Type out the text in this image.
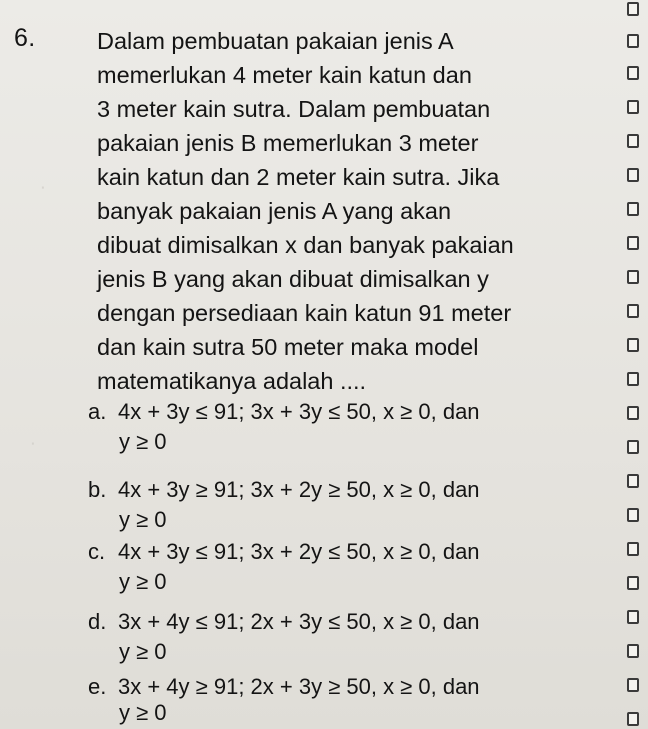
∙
∙
6.	Dalam pembuatan pakaian jenis A
memerlukan 4 meter kain katun dan
3 meter kain sutra. Dalam pembuatan
pakaian jenis B memerlukan 3 meter
kain katun dan 2 meter kain sutra. Jika
banyak pakaian jenis A yang akan
dibuat dimisalkan x dan banyak pakaian
jenis B yang akan dibuat dimisalkan y
dengan persediaan kain katun 91 meter
dan kain sutra 50 meter maka model
matematikanya adalah ....
a. 4x + 3y ≤ 91; 3x + 3y ≤ 50, x ≥ 0, dan
y ≥ 0
b. 4x + 3y ≥ 91; 3x + 2y ≥ 50, x ≥ 0, dan
y ≥ 0
c. 4x + 3y ≤ 91; 3x + 2y ≤ 50, x ≥ 0, dan
y ≥ 0
d. 3x + 4y ≤ 91; 2x + 3y ≤ 50, x ≥ 0, dan
y ≥ 0
e. 3x + 4y ≥ 91; 2x + 3y ≥ 50, x ≥ 0, dan
y ≥ 0
